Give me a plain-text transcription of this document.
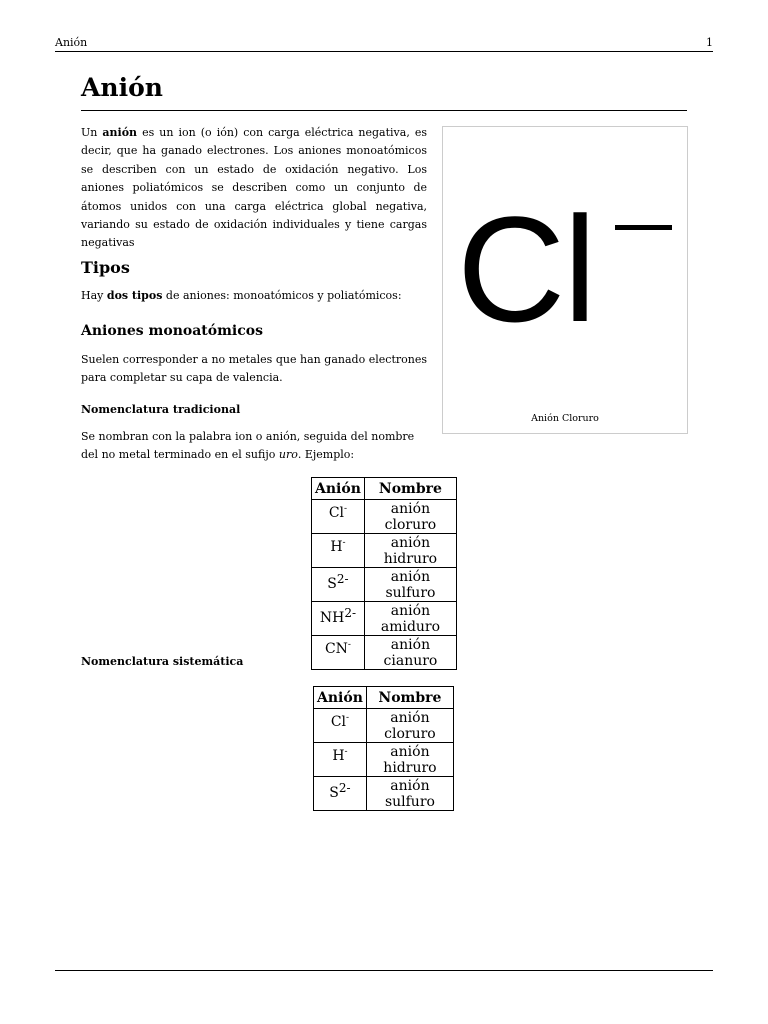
Anión	1
Anión

Un anión es un ion (o ión) con carga eléctrica negativa, es decir, que ha ganado electrones. Los aniones monoatómicos se describen con un estado de oxidación negativo. Los aniones poliatómicos se describen como un conjunto de átomos unidos con una carga eléctrica global negativa, variando su estado de oxidación individuales y tiene cargas negativas	Cl
Anión Cloruro
Tipos

Hay dos tipos de aniones: monoatómicos y poliatómicos:

Aniones monoatómicos

Suelen corresponder a no metales que han ganado electrones para completar su capa de valencia.

Nomenclatura tradicional

Se nombran con la palabra ion o anión, seguida del nombre del no metal terminado en el sufijo uro. Ejemplo:

Anión	Nombre
Cl-	anión cloruro
H-	anión hidruro
$S^{2-}$	anión sulfuro
$NH^{2-}$	anión amiduro
CN-	anión cianuro
Nomenclatura sistemática
Anión	Nombre
Cl-	anión cloruro
H-	anión hidruro
$S^{2-}$	anión sulfuro
